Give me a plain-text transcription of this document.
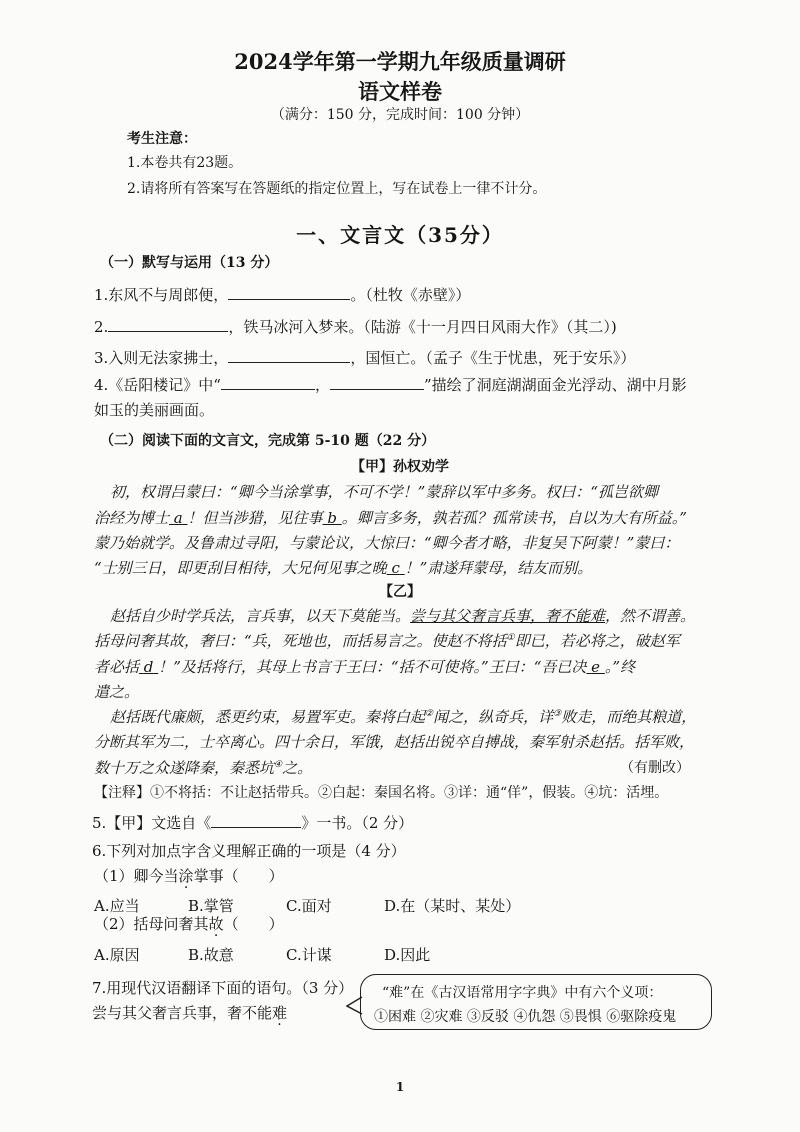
2024学年第一学期九年级质量调研
语文样卷
（满分：150 分，完成时间：100 分钟）
考生注意：
1.本卷共有23题。
2.请将所有答案写在答题纸的指定位置上，写在试卷上一律不计分。
一、文言文（35分）
（一）默写与运用（13 分）
1.东风不与周郎便，	。（杜牧《赤壁》）
2.	，铁马冰河入梦来。（陆游《十一月四日风雨大作》（其二）)
3.入则无法家拂士，	，国恒亡。（孟子《生于忧患，死于安乐》）
4.《岳阳楼记》中“	，	”描绘了洞庭湖湖面金光浮动、湖中月影
如玉的美丽画面。
（二）阅读下面的文言文，完成第 5-10 题（22 分）
【甲】孙权劝学
初，权谓吕蒙曰：“卿今当涂掌事，不可不学！”蒙辞以军中多务。权曰：“孤岂欲卿
治经为博士 a ！但当涉猎，见往事 b 。卿言多务，孰若孤？孤常读书，自以为大有所益。”
蒙乃始就学。及鲁肃过寻阳，与蒙论议，大惊曰：“卿今者才略，非复吴下阿蒙！”蒙曰：
“士别三日，即更刮目相待，大兄何见事之晚 c ！”肃遂拜蒙母，结友而别。
【乙】
赵括自少时学兵法，言兵事，以天下莫能当。尝与其父奢言兵事，奢不能难，然不谓善。
括母问奢其故，奢曰：“兵，死地也，而括易言之。使赵不将括①即已，若必将之，破赵军
者必括 d ！”及括将行，其母上书言于王曰：“括不可使将。”王曰：“吾已决 e 。”终
遣之。
赵括既代廉颇，悉更约束，易置军吏。秦将白起②闻之，纵奇兵，详③败走，而绝其粮道，
分断其军为二，士卒离心。四十余日，军饿，赵括出锐卒自搏战，秦军射杀赵括。括军败，
数十万之众遂降秦，秦悉坑④之。	（有删改）
【注释】①不将括：不让赵括带兵。②白起：秦国名将。③详：通“佯”，假装。④坑：活埋。
5.【甲】文选自《	》一书。（2 分）
6.下列对加点字含义理解正确的一项是（4 分）
（1）卿今当涂掌事（　　）
A.应当	B.掌管	C.面对	D.在（某时、某处）
（2）括母问奢其故（　　）
A.原因	B.故意	C.计谋	D.因此
7.用现代汉语翻译下面的语句。（3 分）
尝与其父奢言兵事，奢不能难
“难”在《古汉语常用字字典》中有六个义项：
①困难 ②灾难 ③反驳 ④仇怨 ⑤畏惧 ⑥驱除疫鬼
1
